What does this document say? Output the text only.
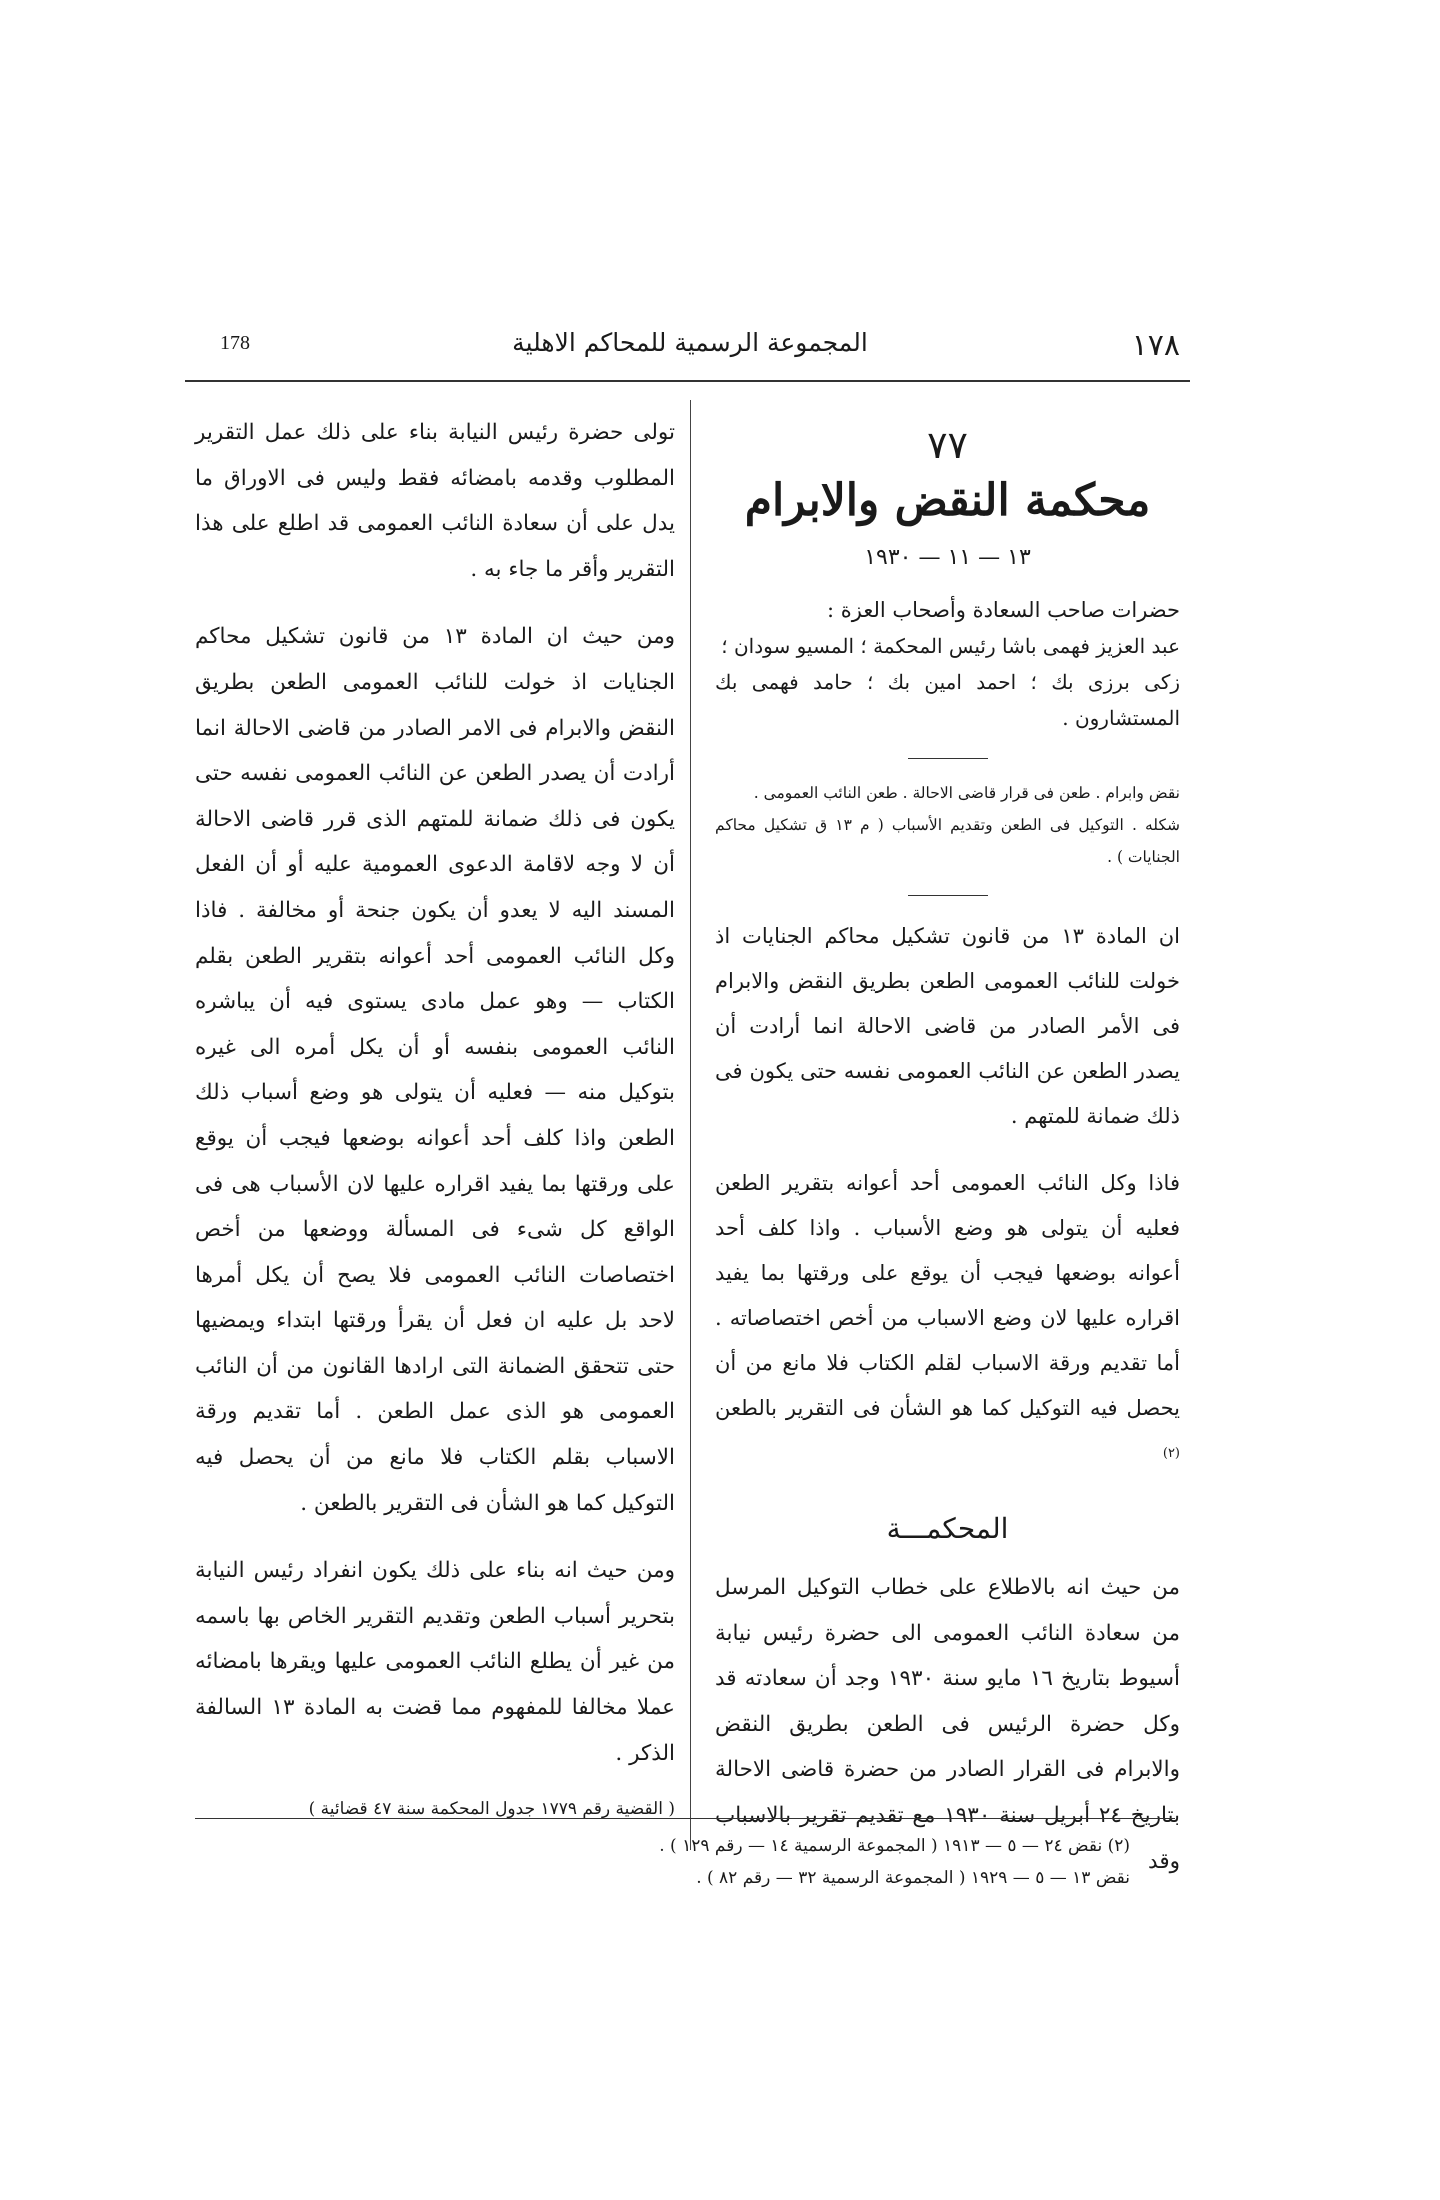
178	المجموعة الرسمية للمحاكم الاهلية	١٧٨
٧٧
محكمة النقض والابرام
١٣ — ١١ — ١٩٣٠
حضرات صاحب السعادة وأصحاب العزة :
عبد العزيز فهمى باشا رئيس المحكمة ؛ المسيو سودان ؛
زكى برزى بك ؛ احمد امين بك ؛ حامد فهمى بك المستشارون .
نقض وابرام . طعن فى قرار قاضى الاحالة . طعن النائب العمومى .
شكله . التوكيل فى الطعن وتقديم الأسباب ( م ١٣ ق تشكيل محاكم الجنايات ) .

ان المادة ١٣ من قانون تشكيل محاكم الجنايات اذ خولت للنائب العمومى الطعن بطريق النقض والابرام فى الأمر الصادر من قاضى الاحالة انما أرادت أن يصدر الطعن عن النائب العمومى نفسه حتى يكون فى ذلك ضمانة للمتهم .

فاذا وكل النائب العمومى أحد أعوانه بتقرير الطعن فعليه أن يتولى هو وضع الأسباب . واذا كلف أحد أعوانه بوضعها فيجب أن يوقع على ورقتها بما يفيد اقراره عليها لان وضع الاسباب من أخص اختصاصاته . أما تقديم ورقة الاسباب لقلم الكتاب فلا مانع من أن يحصل فيه التوكيل كما هو الشأن فى التقرير بالطعن $^{(٢)}$

المحكمـــة

من حيث انه بالاطلاع على خطاب التوكيل المرسل من سعادة النائب العمومى الى حضرة رئيس نيابة أسيوط بتاريخ ١٦ مايو سنة ١٩٣٠ وجد أن سعادته قد وكل حضرة الرئيس فى الطعن بطريق النقض والابرام فى القرار الصادر من حضرة قاضى الاحالة بتاريخ ٢٤ أبريل سنة ١٩٣٠ مع تقديم تقرير بالاسباب وقد

تولى حضرة رئيس النيابة بناء على ذلك عمل التقرير المطلوب وقدمه بامضائه فقط وليس فى الاوراق ما يدل على أن سعادة النائب العمومى قد اطلع على هذا التقرير وأقر ما جاء به .

ومن حيث ان المادة ١٣ من قانون تشكيل محاكم الجنايات اذ خولت للنائب العمومى الطعن بطريق النقض والابرام فى الامر الصادر من قاضى الاحالة انما أرادت أن يصدر الطعن عن النائب العمومى نفسه حتى يكون فى ذلك ضمانة للمتهم الذى قرر قاضى الاحالة أن لا وجه لاقامة الدعوى العمومية عليه أو أن الفعل المسند اليه لا يعدو أن يكون جنحة أو مخالفة . فاذا وكل النائب العمومى أحد أعوانه بتقرير الطعن بقلم الكتاب — وهو عمل مادى يستوى فيه أن يباشره النائب العمومى بنفسه أو أن يكل أمره الى غيره بتوكيل منه — فعليه أن يتولى هو وضع أسباب ذلك الطعن واذا كلف أحد أعوانه بوضعها فيجب أن يوقع على ورقتها بما يفيد اقراره عليها لان الأسباب هى فى الواقع كل شىء فى المسألة ووضعها من أخص اختصاصات النائب العمومى فلا يصح أن يكل أمرها لاحد بل عليه ان فعل أن يقرأ ورقتها ابتداء ويمضيها حتى تتحقق الضمانة التى ارادها القانون من أن النائب العمومى هو الذى عمل الطعن . أما تقديم ورقة الاسباب بقلم الكتاب فلا مانع من أن يحصل فيه التوكيل كما هو الشأن فى التقرير بالطعن .

ومن حيث انه بناء على ذلك يكون انفراد رئيس النيابة بتحرير أسباب الطعن وتقديم التقرير الخاص بها باسمه من غير أن يطلع النائب العمومى عليها ويقرها بامضائه عملا مخالفا للمفهوم مما قضت به المادة ١٣ السالفة الذكر .

( القضية رقم ١٧٧٩ جدول المحكمة سنة ٤٧ قضائية )
(٢) نقض ٢٤ — ٥ — ١٩١٣ ( المجموعة الرسمية ١٤ — رقم ١٢٩ ) .
نقض ١٣ — ٥ — ١٩٢٩ ( المجموعة الرسمية ٣٢ — رقم ٨٢ ) .
